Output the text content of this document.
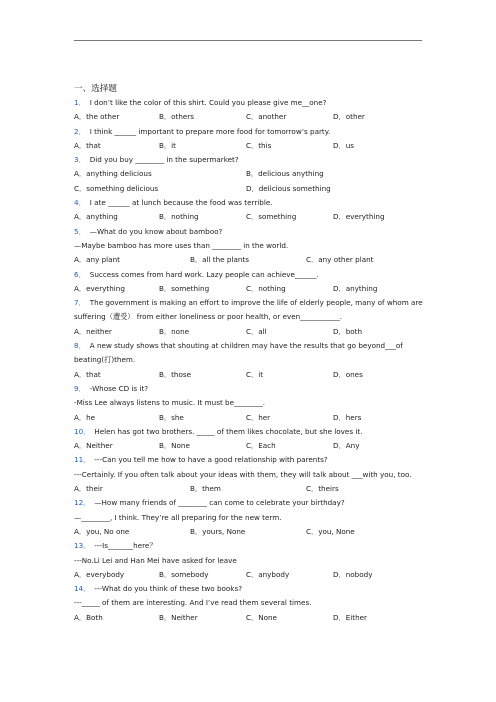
一、选择题
1． I don’t like the color of this shirt. Could you please give me__one?
A．the other	B．others	C．another	D．other
2． I think ______ important to prepare more food for tomorrow’s party.
A．that	B．it	C．this	D．us
3． Did you buy ________ in the supermarket?
A．anything delicious	B．delicious anything
C．something delicious	D．delicious something
4． I ate ______ at lunch because the food was terrible.
A．anything	B．nothing	C．something	D．everything
5． —What do you know about bamboo?
—Maybe bamboo has more uses than ________ in the world.
A．any plant	B．all the plants	C．any other plant
6． Success comes from hard work. Lazy people can achieve______.
A．everything	B．something	C．nothing	D．anything
7． The government is making an effort to improve the life of elderly people, many of whom are
suffering（遭受） from either loneliness or poor health, or even___________.
A．neither	B．none	C．all	D．both
8． A new study shows that shouting at children may have the results that go beyond___of
beating(打)them.
A．that	B．those	C．it	D．ones
9． -Whose CD is it?
-Miss Lee always listens to music. It must be________.
A．he	B．she	C．her	D．hers
10． Helen has got two brothers. _____ of them likes chocolate, but she loves it.
A．Neither	B．None	C．Each	D．Any
11． ---Can you tell me how to have a good relationship with parents?
---Certainly. If you often talk about your ideas with them, they will talk about ___with you, too.
A．their	B．them	C．theirs
12． —How many friends of ________ can come to celebrate your birthday?
—________, I think. They’re all preparing for the new term.
A．you, No one	B．yours, None	C．you, None
13． ---Is_______here？
---No.Li Lei and Han Mei have asked for leave
A．everybody	B．somebody	C．anybody	D．nobody
14． ---What do you think of these two books?
---_____ of them are interesting. And I’ve read them several times.
A．Both	B．Neither	C．None	D．Either
